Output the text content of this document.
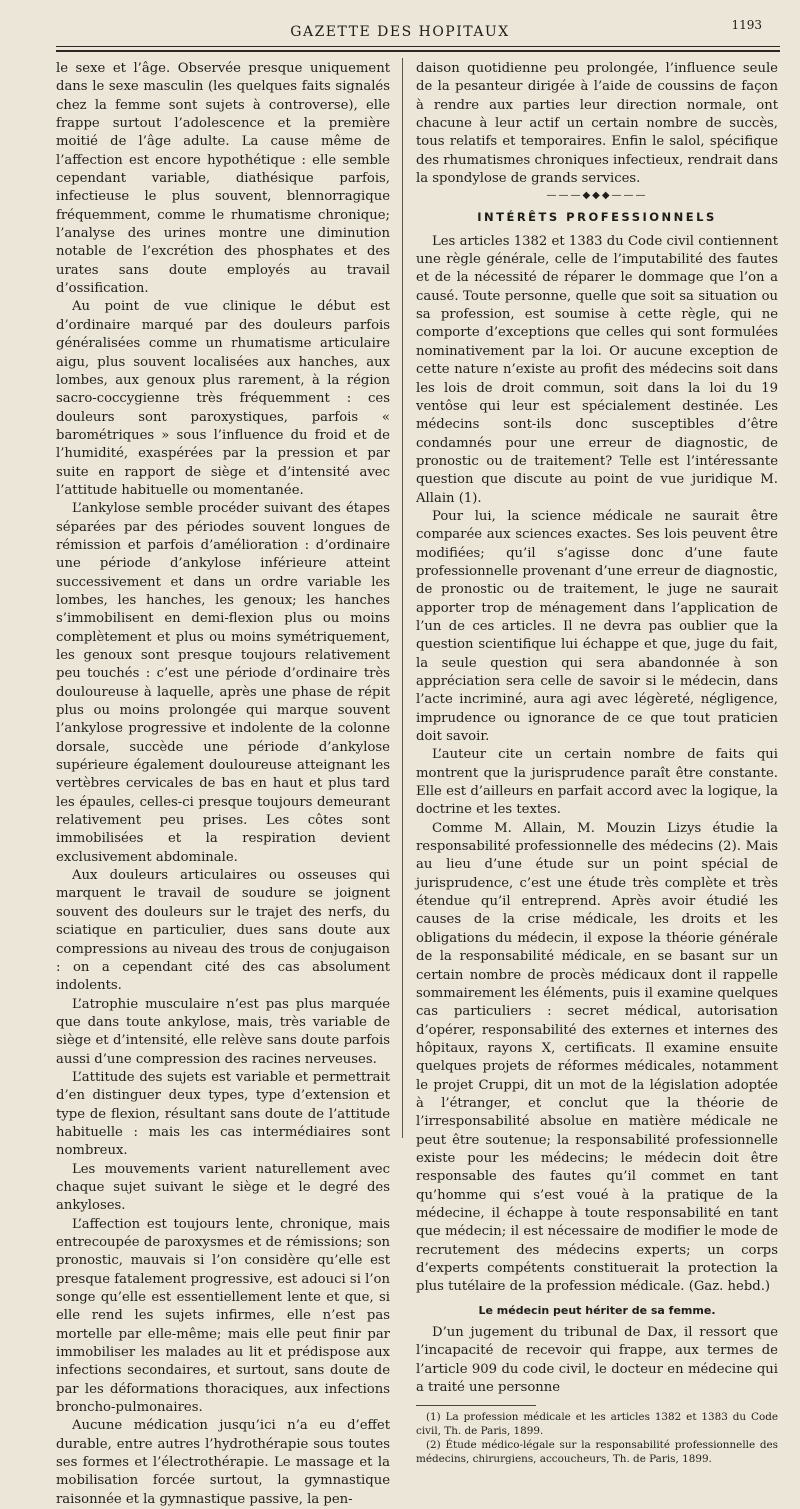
GAZETTE DES HOPITAUX	1193

le sexe et l’âge. Observée presque uniquement dans le sexe masculin (les quelques faits signalés chez la femme sont sujets à controverse), elle frappe surtout l’adolescence et la première moitié de l’âge adulte. La cause même de l’affection est encore hypothétique : elle semble cependant variable, diathésique parfois, infectieuse le plus souvent, blennorragique fréquemment, comme le rhumatisme chronique; l’analyse des urines montre une diminution notable de l’excrétion des phosphates et des urates sans doute employés au travail d’ossification.

Au point de vue clinique le début est d’ordinaire marqué par des douleurs parfois généralisées comme un rhumatisme articulaire aigu, plus souvent localisées aux hanches, aux lombes, aux genoux plus rarement, à la région sacro-coccygienne très fréquemment : ces douleurs sont paroxystiques, parfois « barométriques » sous l’influence du froid et de l’humidité, exaspérées par la pression et par suite en rapport de siège et d’intensité avec l’attitude habituelle ou momentanée.

L’ankylose semble procéder suivant des étapes séparées par des périodes souvent longues de rémission et parfois d’amélioration : d’ordinaire une période d’ankylose inférieure atteint successivement et dans un ordre variable les lombes, les hanches, les genoux; les hanches s’immobilisent en demi-flexion plus ou moins complètement et plus ou moins symétriquement, les genoux sont presque toujours relativement peu touchés : c’est une période d’ordinaire très douloureuse à laquelle, après une phase de répit plus ou moins prolongée qui marque souvent l’ankylose progressive et indolente de la colonne dorsale, succède une période d’ankylose supérieure également douloureuse atteignant les vertèbres cervicales de bas en haut et plus tard les épaules, celles-ci presque toujours demeurant relativement peu prises. Les côtes sont immobilisées et la respiration devient exclusivement abdominale.

Aux douleurs articulaires ou osseuses qui marquent le travail de soudure se joignent souvent des douleurs sur le trajet des nerfs, du sciatique en particulier, dues sans doute aux compressions au niveau des trous de conjugaison : on a cependant cité des cas absolument indolents.

L’atrophie musculaire n’est pas plus marquée que dans toute ankylose, mais, très variable de siège et d’intensité, elle relève sans doute parfois aussi d’une compression des racines nerveuses.

L’attitude des sujets est variable et permettrait d’en distinguer deux types, type d’extension et type de flexion, résultant sans doute de l’attitude habituelle : mais les cas intermédiaires sont nombreux.

Les mouvements varient naturellement avec chaque sujet suivant le siège et le degré des ankyloses.

L’affection est toujours lente, chronique, mais entrecoupée de paroxysmes et de rémissions; son pronostic, mauvais si l’on considère qu’elle est presque fatalement progressive, est adouci si l’on songe qu’elle est essentiellement lente et que, si elle rend les sujets infirmes, elle n’est pas mortelle par elle-même; mais elle peut finir par immobiliser les malades au lit et prédispose aux infections secondaires, et surtout, sans doute de par les déformations thoraciques, aux infections broncho-pulmonaires.

Aucune médication jusqu’ici n’a eu d’effet durable, entre autres l’hydrothérapie sous toutes ses formes et l’électrothérapie. Le massage et la mobilisation forcée surtout, la gymnastique raisonnée et la gymnastique passive, la pen-

daison quotidienne peu prolongée, l’influence seule de la pesanteur dirigée à l’aide de coussins de façon à rendre aux parties leur direction normale, ont chacune à leur actif un certain nombre de succès, tous relatifs et temporaires. Enfin le salol, spécifique des rhumatismes chroniques infectieux, rendrait dans la spondylose de grands services.

———◆◆◆———
INTÉRÊTS PROFESSIONNELS

Les articles 1382 et 1383 du Code civil contiennent une règle générale, celle de l’imputabilité des fautes et de la nécessité de réparer le dommage que l’on a causé. Toute personne, quelle que soit sa situation ou sa profession, est soumise à cette règle, qui ne comporte d’exceptions que celles qui sont formulées nominativement par la loi. Or aucune exception de cette nature n’existe au profit des médecins soit dans les lois de droit commun, soit dans la loi du 19 ventôse qui leur est spécialement destinée. Les médecins sont-ils donc susceptibles d’être condamnés pour une erreur de diagnostic, de pronostic ou de traitement? Telle est l’intéressante question que discute au point de vue juridique M. Allain (1).

Pour lui, la science médicale ne saurait être comparée aux sciences exactes. Ses lois peuvent être modifiées; qu’il s’agisse donc d’une faute professionnelle provenant d’une erreur de diagnostic, de pronostic ou de traitement, le juge ne saurait apporter trop de ménagement dans l’application de l’un de ces articles. Il ne devra pas oublier que la question scientifique lui échappe et que, juge du fait, la seule question qui sera abandonnée à son appréciation sera celle de savoir si le médecin, dans l’acte incriminé, aura agi avec légèreté, négligence, imprudence ou ignorance de ce que tout praticien doit savoir.

L’auteur cite un certain nombre de faits qui montrent que la jurisprudence paraît être constante. Elle est d’ailleurs en parfait accord avec la logique, la doctrine et les textes.

Comme M. Allain, M. Mouzin Lizys étudie la responsabilité professionnelle des médecins (2). Mais au lieu d’une étude sur un point spécial de jurisprudence, c’est une étude très complète et très étendue qu’il entreprend. Après avoir étudié les causes de la crise médicale, les droits et les obligations du médecin, il expose la théorie générale de la responsabilité médicale, en se basant sur un certain nombre de procès médicaux dont il rappelle sommairement les éléments, puis il examine quelques cas particuliers : secret médical, autorisation d’opérer, responsabilité des externes et internes des hôpitaux, rayons X, certificats. Il examine ensuite quelques projets de réformes médicales, notamment le projet Cruppi, dit un mot de la législation adoptée à l’étranger, et conclut que la théorie de l’irresponsabilité absolue en matière médicale ne peut être soutenue; la responsabilité professionnelle existe pour les médecins; le médecin doit être responsable des fautes qu’il commet en tant qu’homme qui s’est voué à la pratique de la médecine, il échappe à toute responsabilité en tant que médecin; il est nécessaire de modifier le mode de recrutement des médecins experts; un corps d’experts compétents constituerait la protection la plus tutélaire de la profession médicale. (Gaz. hebd.)

Le médecin peut hériter de sa femme.

D’un jugement du tribunal de Dax, il ressort que l’incapacité de recevoir qui frappe, aux termes de l’article 909 du code civil, le docteur en médecine qui a traité une personne

(1) La profession médicale et les articles 1382 et 1383 du Code civil, Th. de Paris, 1899.

(2) Étude médico-légale sur la responsabilité professionnelle des médecins, chirurgiens, accoucheurs, Th. de Paris, 1899.
